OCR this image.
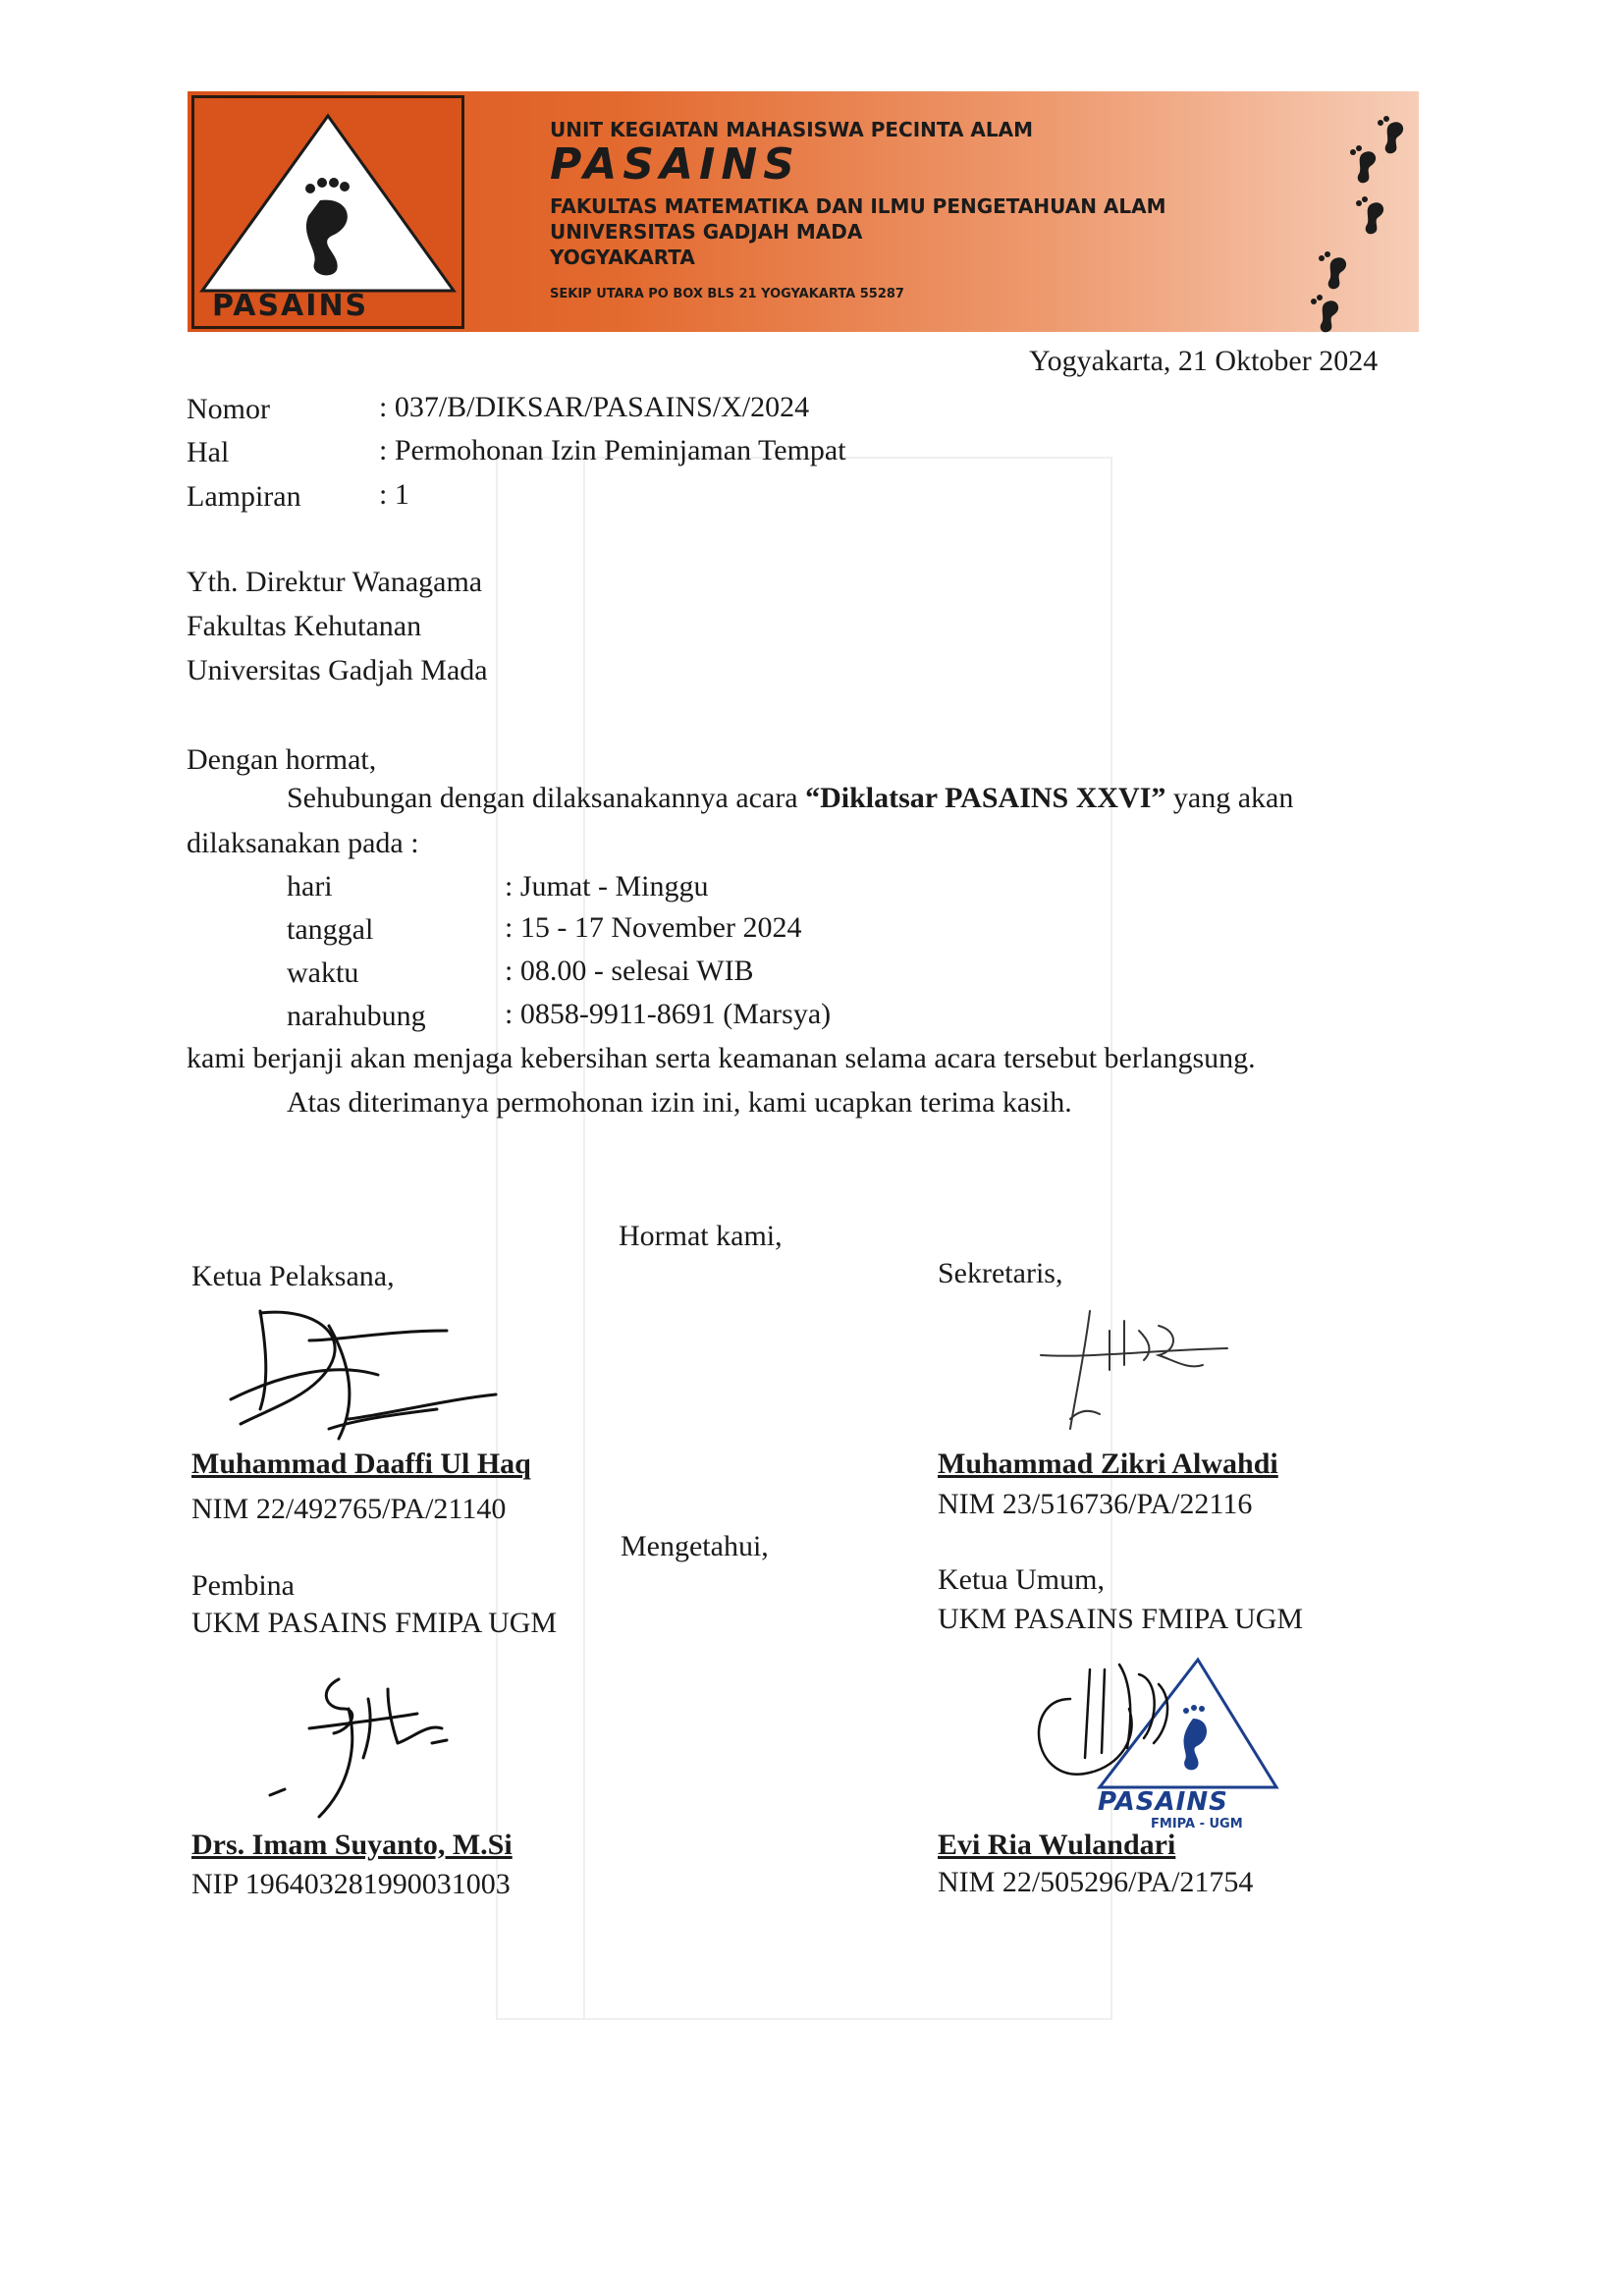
PASAINS
UNIT KEGIATAN MAHASISWA PECINTA ALAM
PASAINS
FAKULTAS MATEMATIKA DAN ILMU PENGETAHUAN ALAM
UNIVERSITAS GADJAH MADA
YOGYAKARTA
SEKIP UTARA PO BOX BLS 21 YOGYAKARTA 55287
Yogyakarta, 21 Oktober 2024
Nomor	: 037/B/DIKSAR/PASAINS/X/2024
Hal	: Permohonan Izin Peminjaman Tempat
Lampiran	: 1
Yth. Direktur Wanagama
Fakultas Kehutanan
Universitas Gadjah Mada
Dengan hormat,
Sehubungan dengan dilaksanakannya acara “Diklatsar PASAINS XXVI” yang akan
dilaksanakan pada :
hari	: Jumat - Minggu
tanggal	: 15 - 17 November 2024
waktu	: 08.00 - selesai WIB
narahubung	: 0858-9911-8691 (Marsya)
kami berjanji akan menjaga kebersihan serta keamanan selama acara tersebut berlangsung.
Atas diterimanya permohonan izin ini, kami ucapkan terima kasih.
Hormat kami,
Ketua Pelaksana,
Muhammad Daaffi Ul Haq
NIM 22/492765/PA/21140
Sekretaris,
Muhammad Zikri Alwahdi
NIM 23/516736/PA/22116
Mengetahui,
Pembina
UKM PASAINS FMIPA UGM
Drs. Imam Suyanto, M.Si
NIP 196403281990031003
Ketua Umum,
UKM PASAINS FMIPA UGM
PASAINS
FMIPA - UGM
Evi Ria Wulandari
NIM 22/505296/PA/21754
